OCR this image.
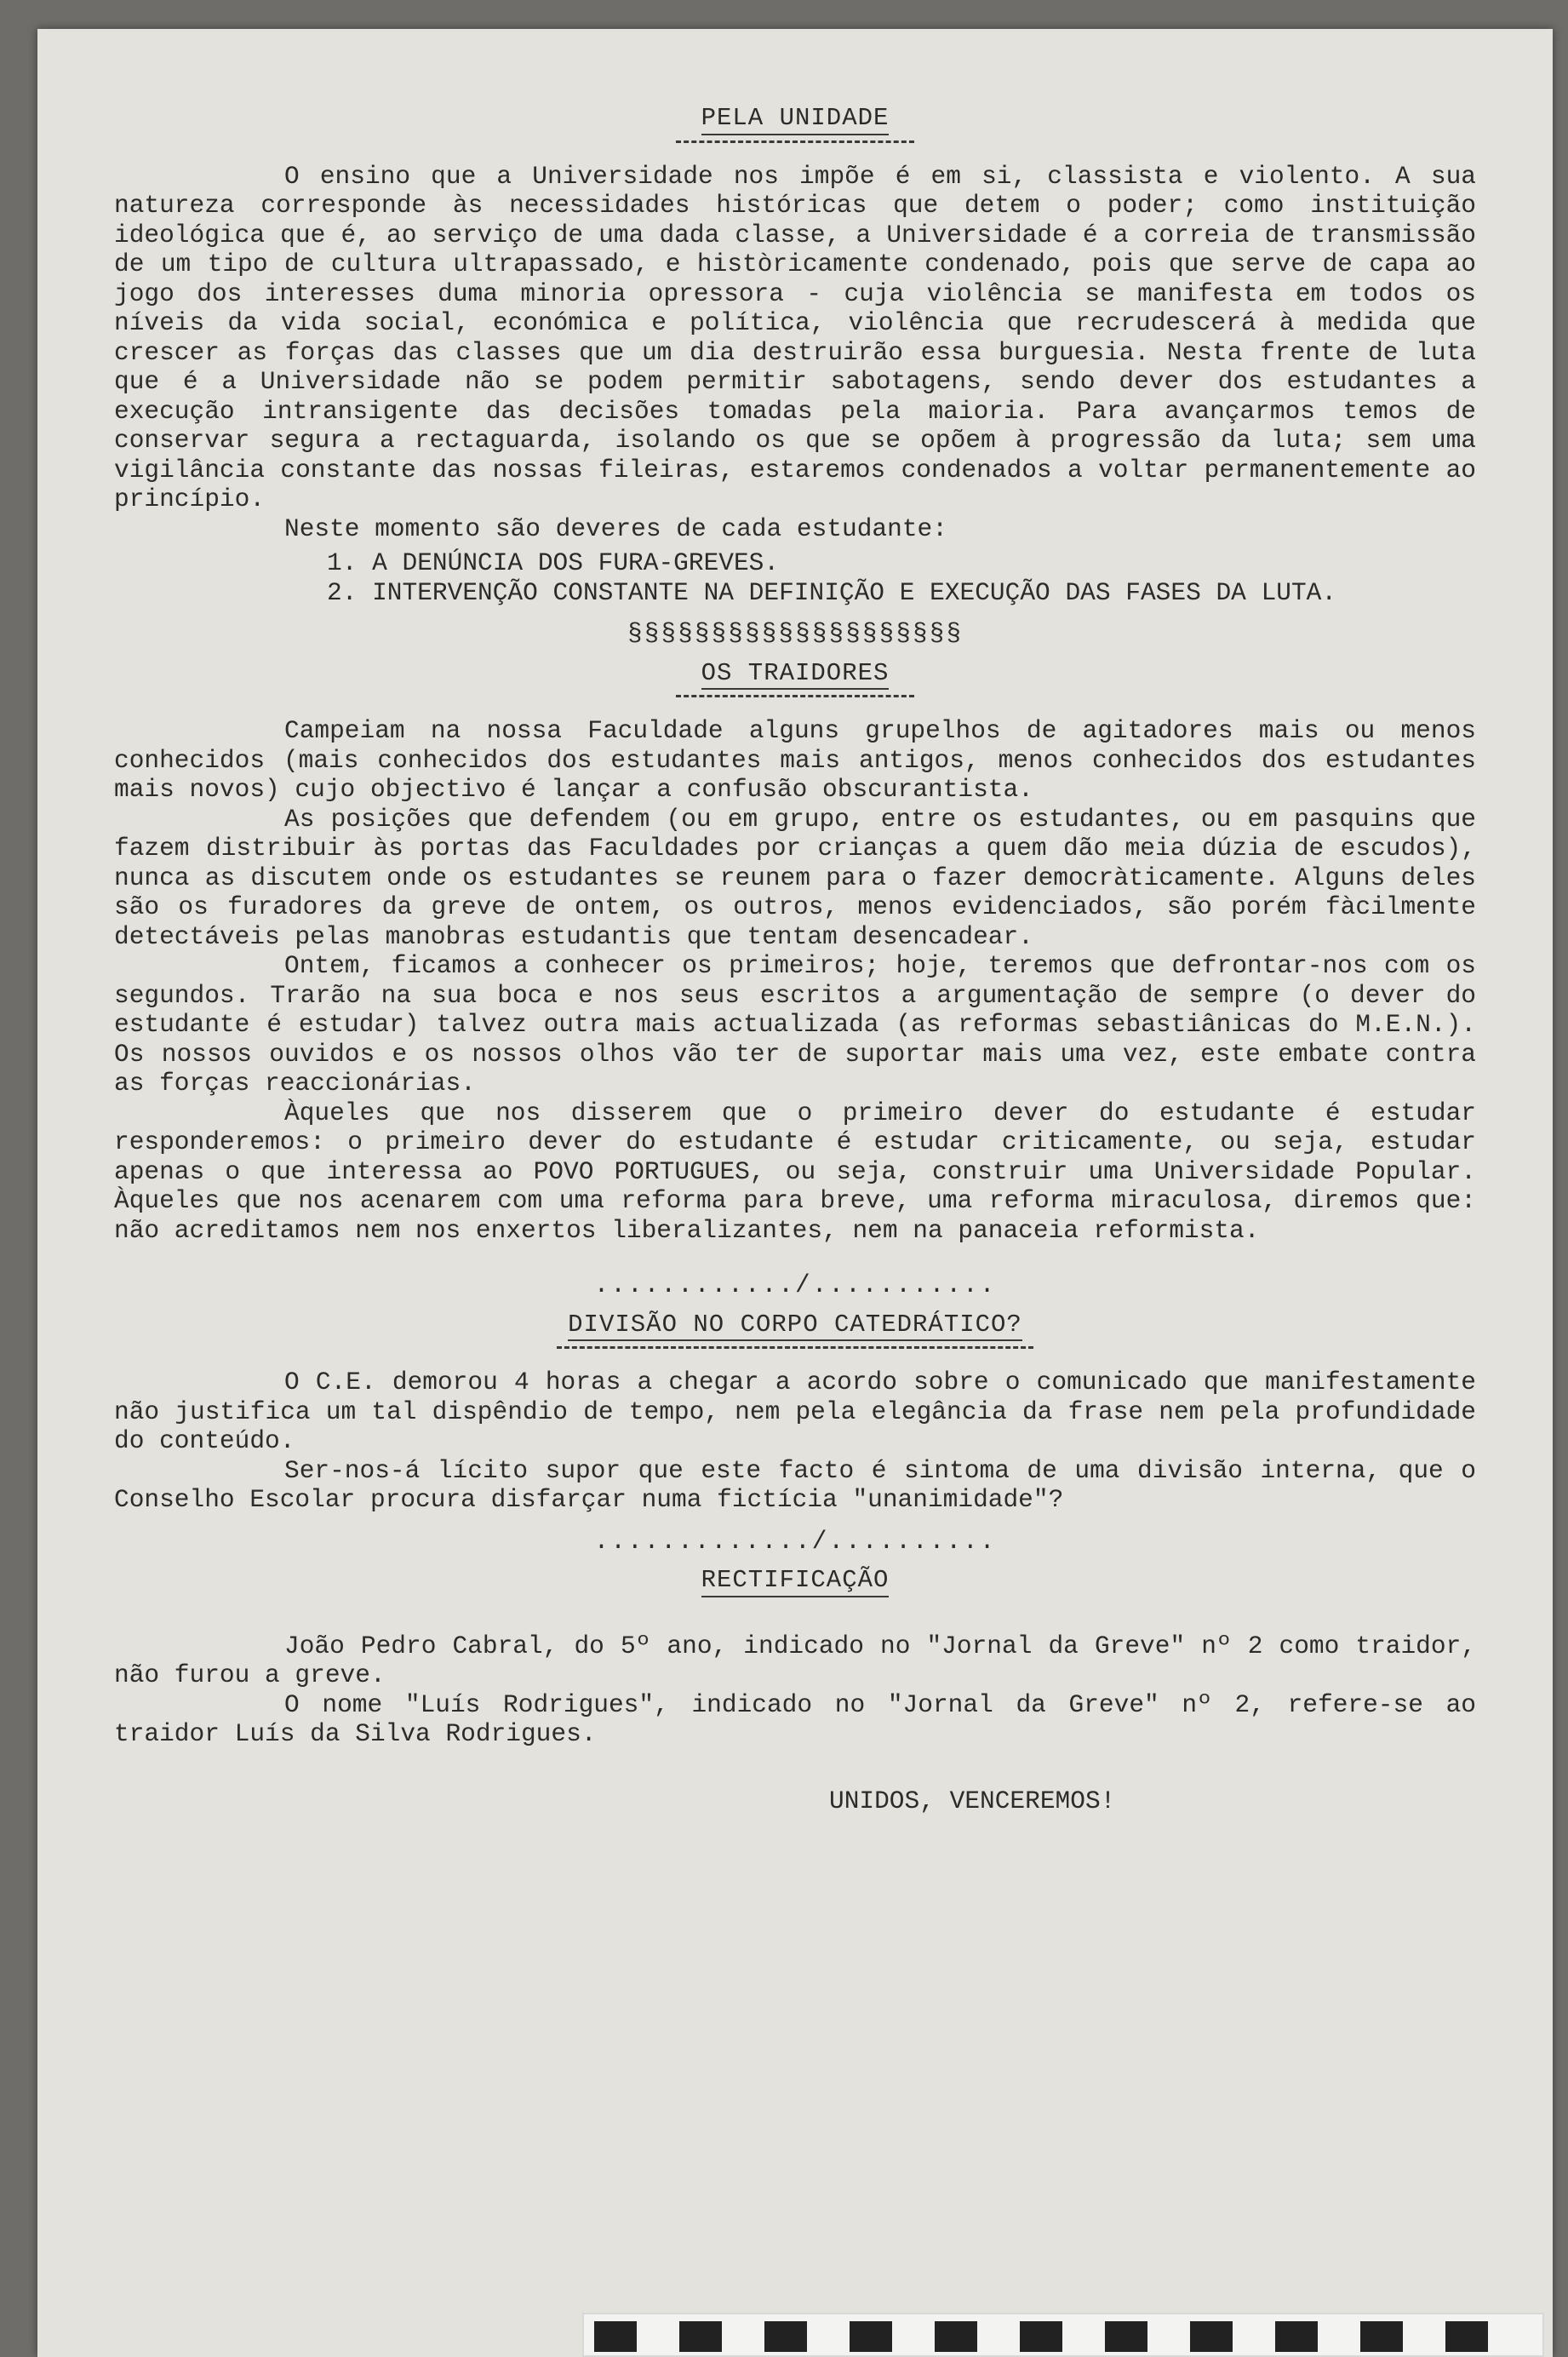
PELA UNIDADE

O ensino que a Universidade nos impõe é em si, classista e violento. A sua natureza corresponde às necessidades históricas que detem o poder; como instituição ideológica que é, ao serviço de uma dada classe, a Universidade é a correia de transmissão de um tipo de cultura ultrapassado, e històricamente condenado, pois que serve de capa ao jogo dos interesses duma minoria opressora - cuja violência se manifesta em todos os níveis da vida social, económica e política, violência que recrudescerá à medida que crescer as forças das classes que um dia destruirão essa burguesia. Nesta frente de luta que é a Universidade não se podem permitir sabotagens, sendo dever dos estudantes a execução intransigente das decisões tomadas pela maioria. Para avançarmos temos de conservar segura a rectaguarda, isolando os que se opõem à progressão da luta; sem uma vigilância constante das nossas fileiras, estaremos condenados a voltar permanentemente ao princípio.

Neste momento são deveres de cada estudante:

1. A DENÚNCIA DOS FURA-GREVES.
2. INTERVENÇÃO CONSTANTE NA DEFINIÇÃO E EXECUÇÃO DAS FASES DA LUTA.
§§§§§§§§§§§§§§§§§§§§
OS TRAIDORES

Campeiam na nossa Faculdade alguns grupelhos de agitadores mais ou menos conhecidos (mais conhecidos dos estudantes mais antigos, menos conhecidos dos estudantes mais novos) cujo objectivo é lançar a confusão obscurantista.

As posições que defendem (ou em grupo, entre os estudantes, ou em pasquins que fazem distribuir às portas das Faculdades por crianças a quem dão meia dúzia de escudos), nunca as discutem onde os estudantes se reunem para o fazer democràticamente. Alguns deles são os furadores da greve de ontem, os outros, menos evidenciados, são porém fàcilmente detectáveis pelas manobras estudantis que tentam desencadear.

Ontem, ficamos a conhecer os primeiros; hoje, teremos que defrontar-nos com os segundos. Trarão na sua boca e nos seus escritos a argumentação de sempre (o dever do estudante é estudar) talvez outra mais actualizada (as reformas sebastiânicas do M.E.N.). Os nossos ouvidos e os nossos olhos vão ter de suportar mais uma vez, este embate contra as forças reaccionárias.

Àqueles que nos disserem que o primeiro dever do estudante é estudar responderemos: o primeiro dever do estudante é estudar criticamente, ou seja, estudar apenas o que interessa ao POVO PORTUGUES, ou seja, construir uma Universidade Popular. Àqueles que nos acenarem com uma reforma para breve, uma reforma miraculosa, diremos que: não acreditamos nem nos enxertos liberalizantes, nem na panaceia reformista.

............/...........
DIVISÃO NO CORPO CATEDRÁTICO?

O C.E. demorou 4 horas a chegar a acordo sobre o comunicado que manifestamente não justifica um tal dispêndio de tempo, nem pela elegância da frase nem pela profundidade do conteúdo.

Ser-nos-á lícito supor que este facto é sintoma de uma divisão interna, que o Conselho Escolar procura disfarçar numa fictícia "unanimidade"?

............./..........
RECTIFICAÇÃO

João Pedro Cabral, do 5º ano, indicado no "Jornal da Greve" nº 2 como traidor, não furou a greve.

O nome "Luís Rodrigues", indicado no "Jornal da Greve" nº 2, refere-se ao traidor Luís da Silva Rodrigues.

UNIDOS, VENCEREMOS!
